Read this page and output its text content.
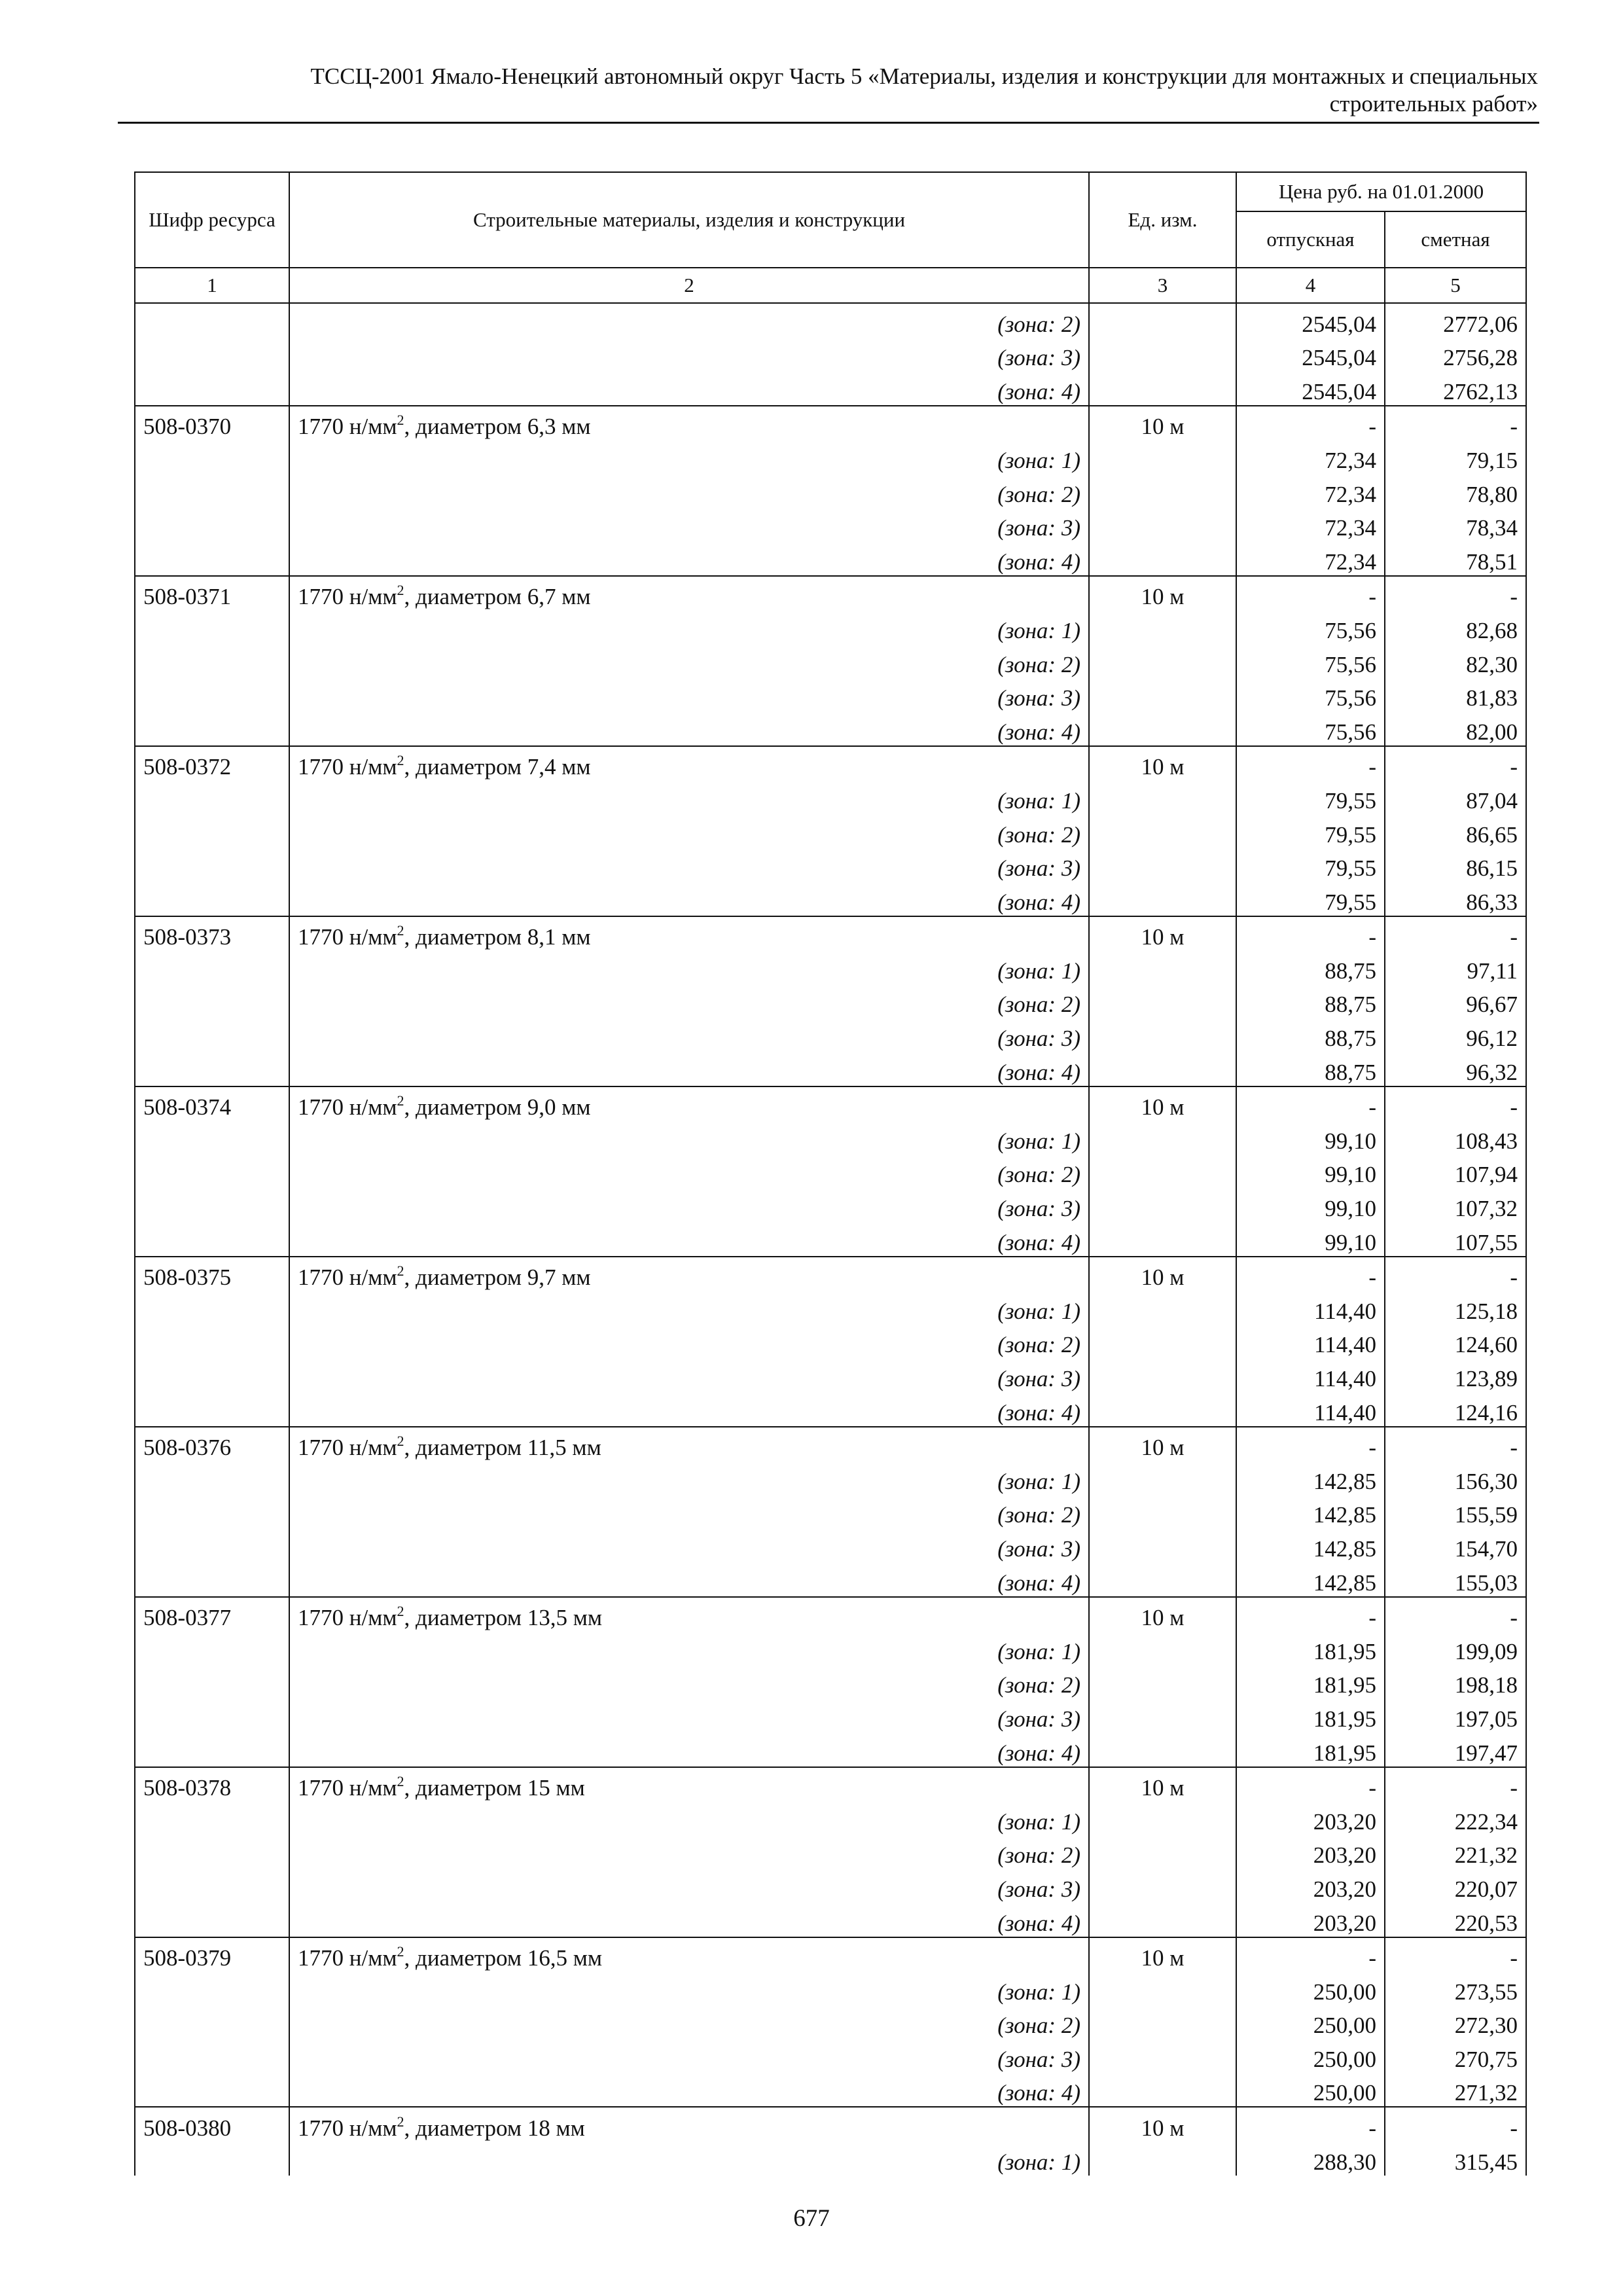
ТССЦ-2001 Ямало-Ненецкий автономный округ Часть 5 «Материалы, изделия и конструкции для монтажных и специальных
строительных работ»
Шифр ресурса	Строительные материалы, изделия и конструкции	Ед. изм.	Цена руб. на 01.01.2000	
			отпускная	сметная
1	2	3	4	5
	(зона: 2)		2545,04	2772,06
	(зона: 3)		2545,04	2756,28
	(зона: 4)		2545,04	2762,13
508-0370	1770 $н/мм^2$, диаметром 6,3 мм	10 м	-	-
	(зона: 1)		72,34	79,15
	(зона: 2)		72,34	78,80
	(зона: 3)		72,34	78,34
	(зона: 4)		72,34	78,51
508-0371	1770 $н/мм^2$, диаметром 6,7 мм	10 м	-	-
	(зона: 1)		75,56	82,68
	(зона: 2)		75,56	82,30
	(зона: 3)		75,56	81,83
	(зона: 4)		75,56	82,00
508-0372	1770 $н/мм^2$, диаметром 7,4 мм	10 м	-	-
	(зона: 1)		79,55	87,04
	(зона: 2)		79,55	86,65
	(зона: 3)		79,55	86,15
	(зона: 4)		79,55	86,33
508-0373	1770 $н/мм^2$, диаметром 8,1 мм	10 м	-	-
	(зона: 1)		88,75	97,11
	(зона: 2)		88,75	96,67
	(зона: 3)		88,75	96,12
	(зона: 4)		88,75	96,32
508-0374	1770 $н/мм^2$, диаметром 9,0 мм	10 м	-	-
	(зона: 1)		99,10	108,43
	(зона: 2)		99,10	107,94
	(зона: 3)		99,10	107,32
	(зона: 4)		99,10	107,55
508-0375	1770 $н/мм^2$, диаметром 9,7 мм	10 м	-	-
	(зона: 1)		114,40	125,18
	(зона: 2)		114,40	124,60
	(зона: 3)		114,40	123,89
	(зона: 4)		114,40	124,16
508-0376	1770 $н/мм^2$, диаметром 11,5 мм	10 м	-	-
	(зона: 1)		142,85	156,30
	(зона: 2)		142,85	155,59
	(зона: 3)		142,85	154,70
	(зона: 4)		142,85	155,03
508-0377	1770 $н/мм^2$, диаметром 13,5 мм	10 м	-	-
	(зона: 1)		181,95	199,09
	(зона: 2)		181,95	198,18
	(зона: 3)		181,95	197,05
	(зона: 4)		181,95	197,47
508-0378	1770 $н/мм^2$, диаметром 15 мм	10 м	-	-
	(зона: 1)		203,20	222,34
	(зона: 2)		203,20	221,32
	(зона: 3)		203,20	220,07
	(зона: 4)		203,20	220,53
508-0379	1770 $н/мм^2$, диаметром 16,5 мм	10 м	-	-
	(зона: 1)		250,00	273,55
	(зона: 2)		250,00	272,30
	(зона: 3)		250,00	270,75
	(зона: 4)		250,00	271,32
508-0380	1770 $н/мм^2$, диаметром 18 мм	10 м	-	-
	(зона: 1)		288,30	315,45
677
